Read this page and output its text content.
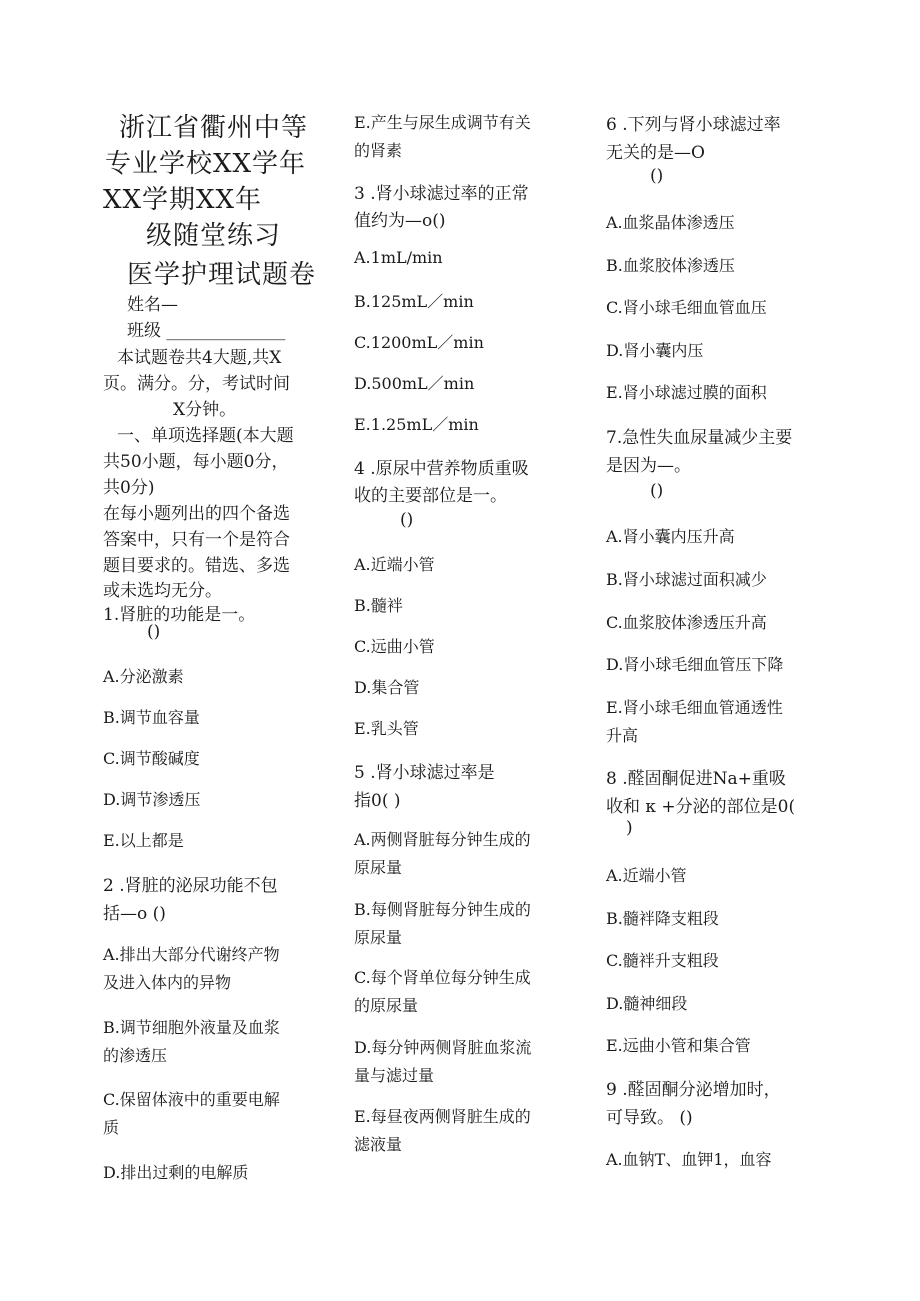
浙江省衢州中等
专业学校XX学年
XX学期XX年
级随堂练习
医学护理试题卷
姓名—
班级 ______________
本试题卷共4大题,共X
页。满分。分，考试时间
X分钟。
一、单项选择题(本大题
共50小题，每小题0分，
共0分)
在每小题列出的四个备选
答案中，只有一个是符合
题目要求的。错选、多选
或未选均无分。
1.肾脏的功能是一。
()
A.分泌激素
B.调节血容量
C.调节酸碱度
D.调节渗透压
E.以上都是
2 .肾脏的泌尿功能不包
括—o ()
A.排出大部分代谢终产物
及进入体内的异物
B.调节细胞外液量及血浆
的渗透压
C.保留体液中的重要电解
质
D.排出过剩的电解质
E.产生与尿生成调节有关
的肾素
3 .肾小球滤过率的正常
值约为—o()
A.1mL/min
B.125mL／min
C.1200mL／min
D.500mL／min
E.1.25mL／min
4 .原尿中营养物质重吸
收的主要部位是一。
()
A.近端小管
B.髓袢
C.远曲小管
D.集合管
E.乳头管
5 .肾小球滤过率是
指0( )
A.两侧肾脏每分钟生成的
原尿量
B.每侧肾脏每分钟生成的
原尿量
C.每个肾单位每分钟生成
的原尿量
D.每分钟两侧肾脏血浆流
量与滤过量
E.每昼夜两侧肾脏生成的
滤液量
6 .下列与肾小球滤过率
无关的是—O
()
A.血浆晶体渗透压
B.血浆胶体渗透压
C.肾小球毛细血管血压
D.肾小囊内压
E.肾小球滤过膜的面积
7.急性失血尿量减少主要
是因为—。
()
A.肾小囊内压升高
B.肾小球滤过面积减少
C.血浆胶体渗透压升高
D.肾小球毛细血管压下降
E.肾小球毛细血管通透性
升高
8 .醛固酮促进Na+重吸
收和 κ +分泌的部位是0(
)
A.近端小管
B.髓袢降支粗段
C.髓袢升支粗段
D.髓神细段
E.远曲小管和集合管
9 .醛固酮分泌增加时，
可导致。 ()
A.血钠T、血钾1，血容
